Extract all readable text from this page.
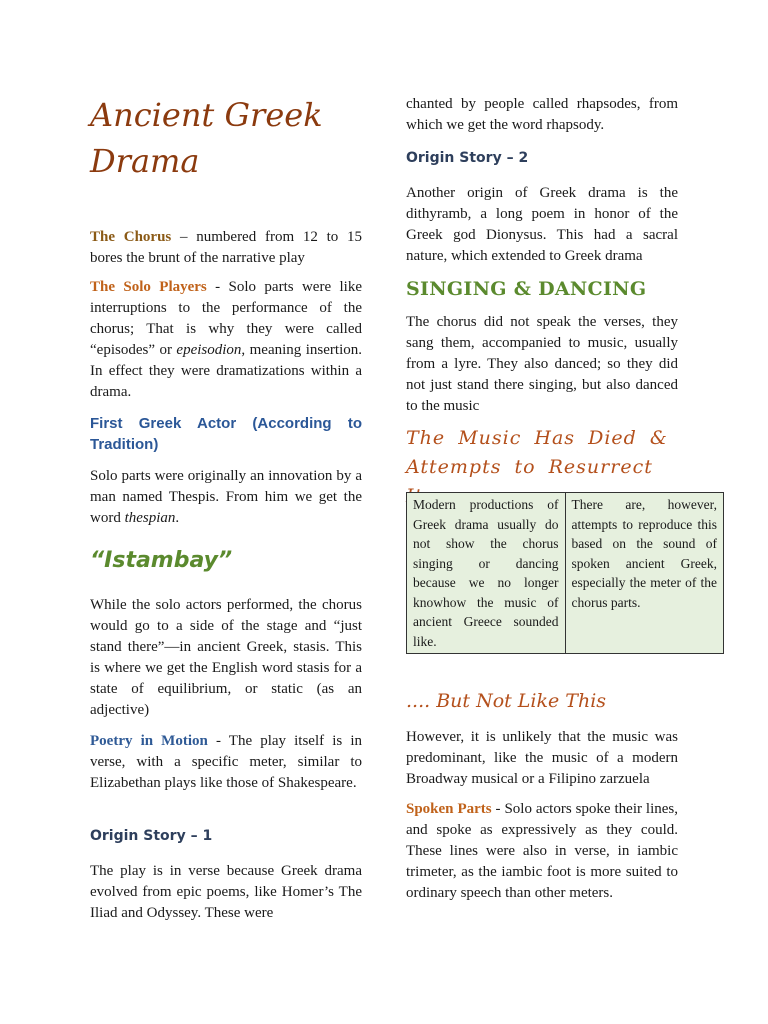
Ancient Greek Drama

The Chorus – numbered from 12 to 15 bores the brunt of the narrative play

The Solo Players - Solo parts were like interruptions to the performance of the chorus; That is why they were called “episodes” or epeisodion, meaning insertion. In effect they were dramatizations within a drama.

First Greek Actor (According to Tradition)

Solo parts were originally an innovation by a man named Thespis. From him we get the word thespian.

“Istambay”

While the solo actors performed, the chorus would go to a side of the stage and “just stand there”—in ancient Greek, stasis. This is where we get the English word stasis for a state of equilibrium, or static (as an adjective)

Poetry in Motion - The play itself is in verse, with a specific meter, similar to Elizabethan plays like those of Shakespeare.

Origin Story – 1

The play is in verse because Greek drama evolved from epic poems, like Homer’s The Iliad and Odyssey. These were

chanted by people called rhapsodes, from which we get the word rhapsody.

Origin Story – 2

Another origin of Greek drama is the dithyramb, a long poem in honor of the Greek god Dionysus. This had a sacral nature, which extended to Greek drama

SINGING & DANCING

The chorus did not speak the verses, they sang them, accompanied to music, usually from a lyre. They also danced; so they did not just stand there singing, but also danced to the music

The Music Has Died & Attempts to Resurrect
Modern productions of Greek drama usually do not show the chorus singing or dancing because we no longer knowhow the music of ancient Greece sounded like.	There are, however, attempts to reproduce this based on the sound of spoken ancient Greek, especially the meter of the chorus parts.
.... But Not Like This

However, it is unlikely that the music was predominant, like the music of a modern Broadway musical or a Filipino zarzuela

Spoken Parts - Solo actors spoke their lines, and spoke as expressively as they could. These lines were also in verse, in iambic trimeter, as the iambic foot is more suited to ordinary speech than other meters.
